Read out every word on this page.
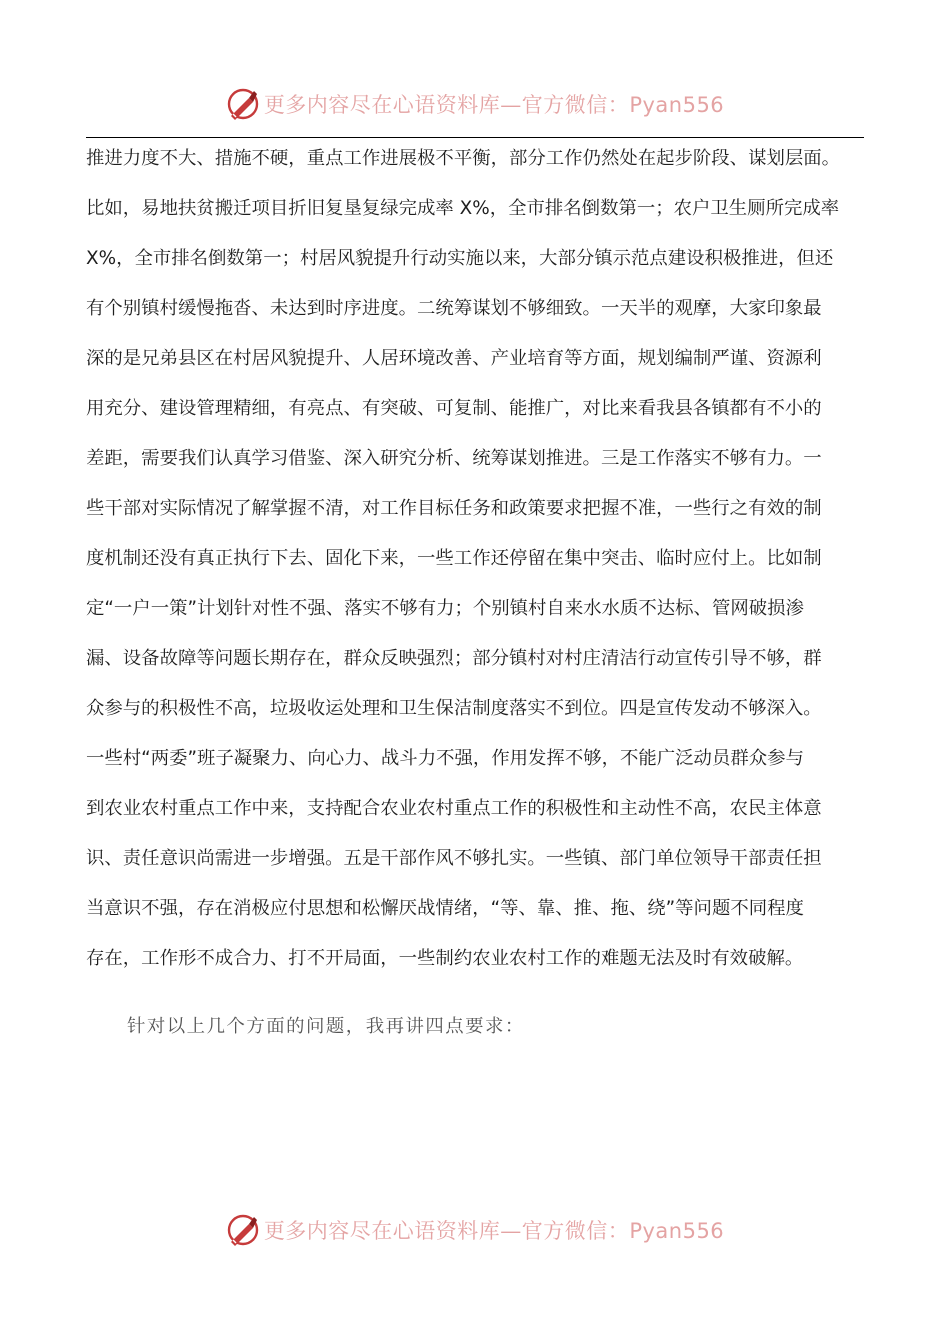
更多内容尽在心语资料库—官方微信：Pyan556
推进力度不大、措施不硬，重点工作进展极不平衡，部分工作仍然处在起步阶段、谋划层面。
比如，易地扶贫搬迁项目折旧复垦复绿完成率 X%，全市排名倒数第一；农户卫生厕所完成率
X%，全市排名倒数第一；村居风貌提升行动实施以来，大部分镇示范点建设积极推进，但还
有个别镇村缓慢拖沓、未达到时序进度。二统筹谋划不够细致。一天半的观摩，大家印象最
深的是兄弟县区在村居风貌提升、人居环境改善、产业培育等方面，规划编制严谨、资源利
用充分、建设管理精细，有亮点、有突破、可复制、能推广，对比来看我县各镇都有不小的
差距，需要我们认真学习借鉴、深入研究分析、统筹谋划推进。三是工作落实不够有力。一
些干部对实际情况了解掌握不清，对工作目标任务和政策要求把握不准，一些行之有效的制
度机制还没有真正执行下去、固化下来，一些工作还停留在集中突击、临时应付上。比如制
定“一户一策”计划针对性不强、落实不够有力；个别镇村自来水水质不达标、管网破损渗
漏、设备故障等问题长期存在，群众反映强烈；部分镇村对村庄清洁行动宣传引导不够，群
众参与的积极性不高，垃圾收运处理和卫生保洁制度落实不到位。四是宣传发动不够深入。
一些村“两委”班子凝聚力、向心力、战斗力不强，作用发挥不够，不能广泛动员群众参与
到农业农村重点工作中来，支持配合农业农村重点工作的积极性和主动性不高，农民主体意
识、责任意识尚需进一步增强。五是干部作风不够扎实。一些镇、部门单位领导干部责任担
当意识不强，存在消极应付思想和松懈厌战情绪，“等、靠、推、拖、绕”等问题不同程度
存在，工作形不成合力、打不开局面，一些制约农业农村工作的难题无法及时有效破解。

针对以上几个方面的问题，我再讲四点要求：

更多内容尽在心语资料库—官方微信：Pyan556
